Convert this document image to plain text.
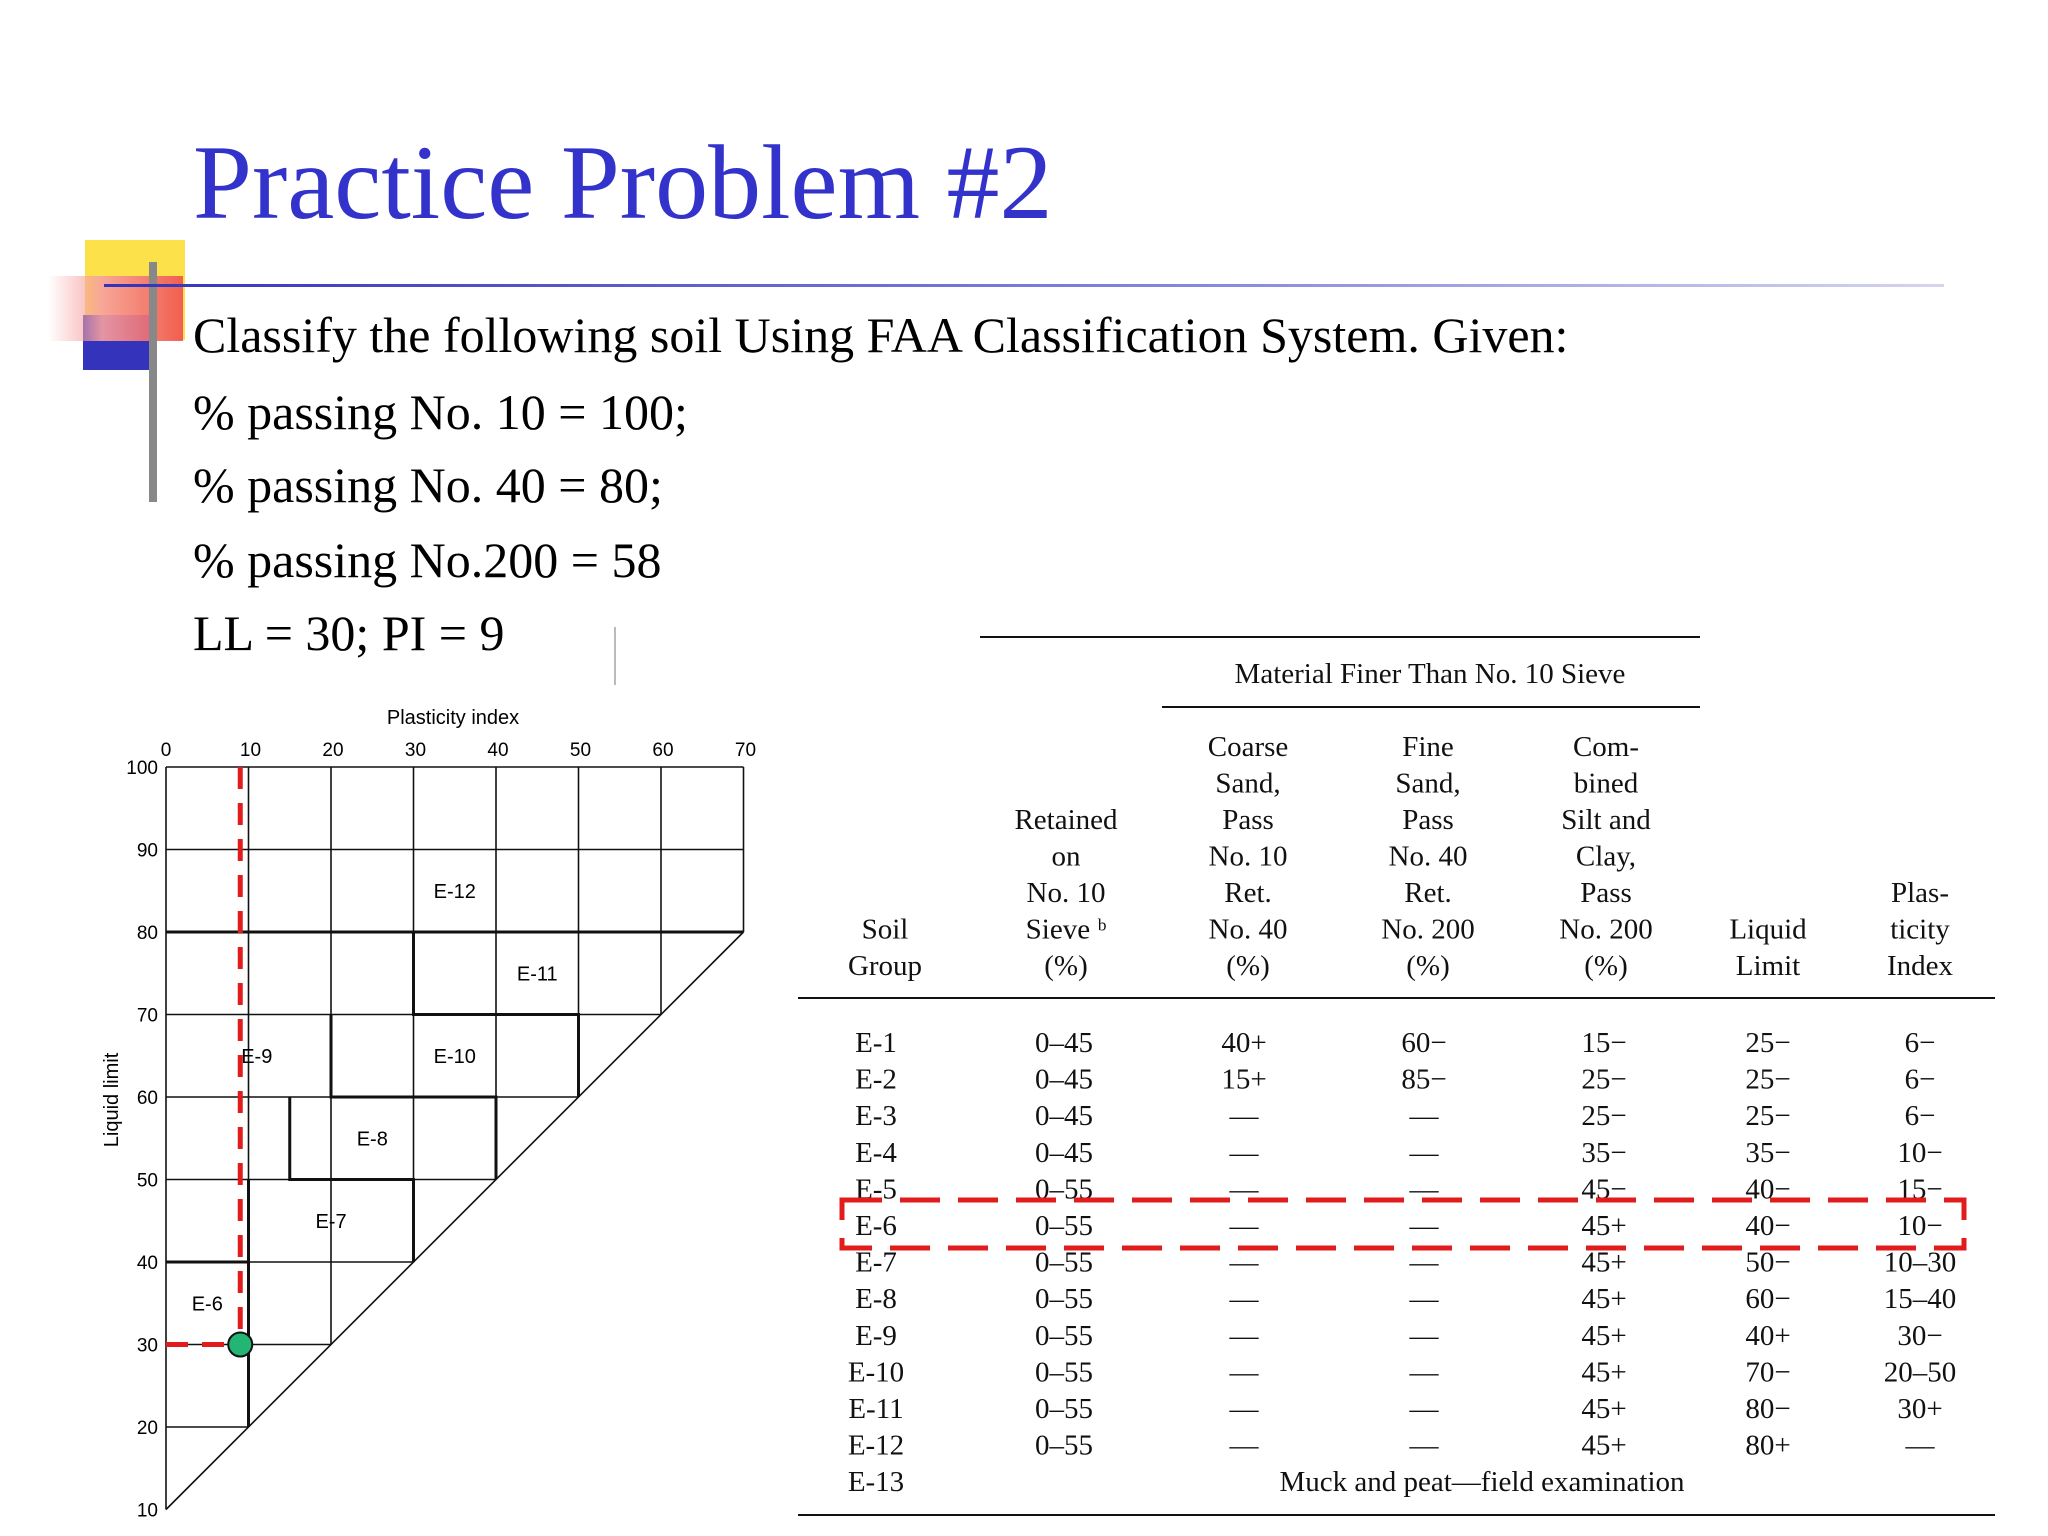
Practice Problem #2
Classify the following soil Using FAA Classification System. Given:
% passing No. 10 = 100;
% passing No. 40 = 80;
% passing No.200 = 58
LL = 30; PI = 9
Plasticity index
Liquid limit
0	10	20	30	40	50	60	70
100
90
80
70
60
50
40
30
20
10
E-12
E-11
E-9	E-10
E-8
E-7
E-6
Material Finer Than No. 10 Sieve
Soil
Group
Retained
on
No. 10
Sieve ᵇ
(%)
Coarse
Sand,
Pass
No. 10
Ret.
No. 40
(%)
Fine
Sand,
Pass
No. 40
Ret.
No. 200
(%)
Com-
bined
Silt and
Clay,
Pass
No. 200
(%)
Liquid
Limit
Plas-
ticity
Index
E-1	0–45	40+	60−	15−	25−	6−
E-2	0–45	15+	85−	25−	25−	6−
E-3	0–45	—	—	25−	25−	6−
E-4	0–45	—	—	35−	35−	10−
E-5	0–55	—	—	45−	40−	15−
E-6	0–55	—	—	45+	40−	10−
E-7	0–55	—	—	45+	50−	10–30
E-8	0–55	—	—	45+	60−	15–40
E-9	0–55	—	—	45+	40+	30−
E-10	0–55	—	—	45+	70−	20–50
E-11	0–55	—	—	45+	80−	30+
E-12	0–55	—	—	45+	80+	—
E-13	Muck and peat—field examination
